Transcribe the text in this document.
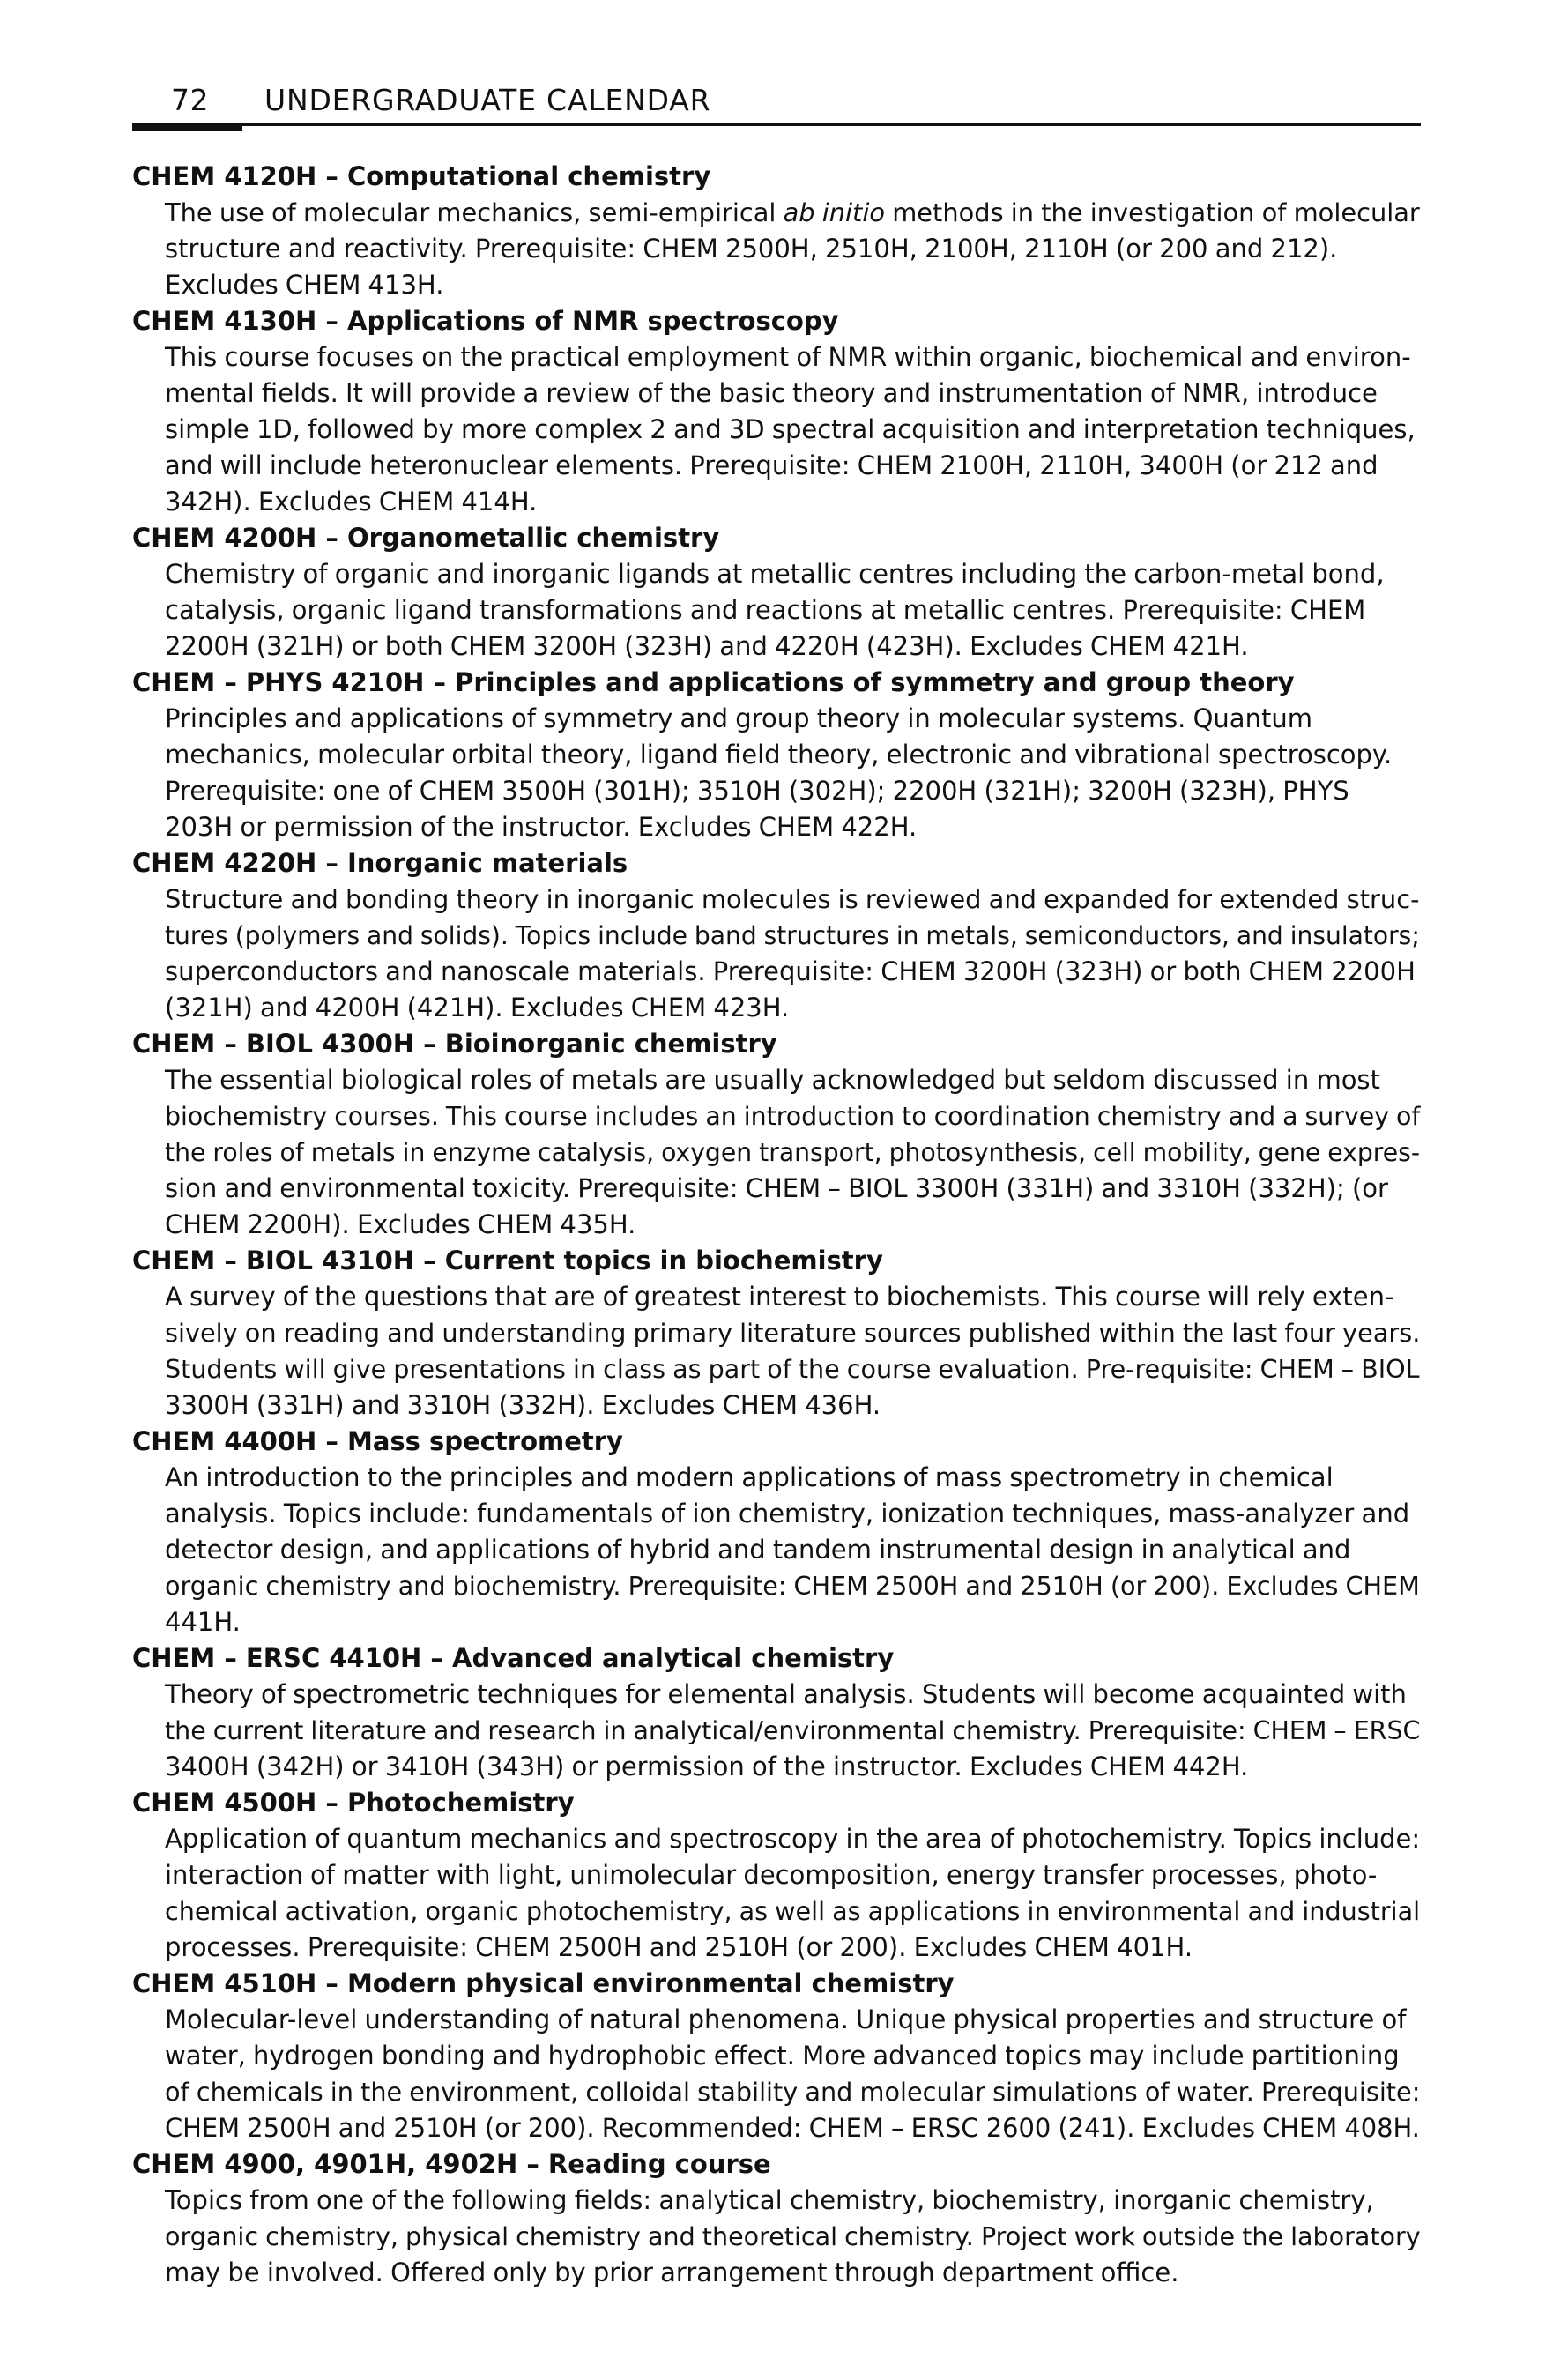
72 UNDERGRADUATE CALENDAR
CHEM 4120H – Computational chemistry
The use of molecular mechanics, semi-empirical ab initio methods in the investigation of molecular
structure and reactivity. Prerequisite: CHEM 2500H, 2510H, 2100H, 2110H (or 200 and 212).
Excludes CHEM 413H.
CHEM 4130H – Applications of NMR spectroscopy
This course focuses on the practical employment of NMR within organic, biochemical and environ-
mental fields. It will provide a review of the basic theory and instrumentation of NMR, introduce
simple 1D, followed by more complex 2 and 3D spectral acquisition and interpretation techniques,
and will include heteronuclear elements. Prerequisite: CHEM 2100H, 2110H, 3400H (or 212 and
342H). Excludes CHEM 414H.
CHEM 4200H – Organometallic chemistry
Chemistry of organic and inorganic ligands at metallic centres including the carbon-metal bond,
catalysis, organic ligand transformations and reactions at metallic centres. Prerequisite: CHEM
2200H (321H) or both CHEM 3200H (323H) and 4220H (423H). Excludes CHEM 421H.
CHEM – PHYS 4210H – Principles and applications of symmetry and group theory
Principles and applications of symmetry and group theory in molecular systems. Quantum
mechanics, molecular orbital theory, ligand field theory, electronic and vibrational spectroscopy.
Prerequisite: one of CHEM 3500H (301H); 3510H (302H); 2200H (321H); 3200H (323H), PHYS
203H or permission of the instructor. Excludes CHEM 422H.
CHEM 4220H – Inorganic materials
Structure and bonding theory in inorganic molecules is reviewed and expanded for extended struc-
tures (polymers and solids). Topics include band structures in metals, semiconductors, and insulators;
superconductors and nanoscale materials. Prerequisite: CHEM 3200H (323H) or both CHEM 2200H
(321H) and 4200H (421H). Excludes CHEM 423H.
CHEM – BIOL 4300H – Bioinorganic chemistry
The essential biological roles of metals are usually acknowledged but seldom discussed in most
biochemistry courses. This course includes an introduction to coordination chemistry and a survey of
the roles of metals in enzyme catalysis, oxygen transport, photosynthesis, cell mobility, gene expres-
sion and environmental toxicity. Prerequisite: CHEM – BIOL 3300H (331H) and 3310H (332H); (or
CHEM 2200H). Excludes CHEM 435H.
CHEM – BIOL 4310H – Current topics in biochemistry
A survey of the questions that are of greatest interest to biochemists. This course will rely exten-
sively on reading and understanding primary literature sources published within the last four years.
Students will give presentations in class as part of the course evaluation. Pre-requisite: CHEM – BIOL
3300H (331H) and 3310H (332H). Excludes CHEM 436H.
CHEM 4400H – Mass spectrometry
An introduction to the principles and modern applications of mass spectrometry in chemical
analysis. Topics include: fundamentals of ion chemistry, ionization techniques, mass-analyzer and
detector design, and applications of hybrid and tandem instrumental design in analytical and
organic chemistry and biochemistry. Prerequisite: CHEM 2500H and 2510H (or 200). Excludes CHEM
441H.
CHEM – ERSC 4410H – Advanced analytical chemistry
Theory of spectrometric techniques for elemental analysis. Students will become acquainted with
the current literature and research in analytical/environmental chemistry. Prerequisite: CHEM – ERSC
3400H (342H) or 3410H (343H) or permission of the instructor. Excludes CHEM 442H.
CHEM 4500H – Photochemistry
Application of quantum mechanics and spectroscopy in the area of photochemistry. Topics include:
interaction of matter with light, unimolecular decomposition, energy transfer processes, photo-
chemical activation, organic photochemistry, as well as applications in environmental and industrial
processes. Prerequisite: CHEM 2500H and 2510H (or 200). Excludes CHEM 401H.
CHEM 4510H – Modern physical environmental chemistry
Molecular-level understanding of natural phenomena. Unique physical properties and structure of
water, hydrogen bonding and hydrophobic effect. More advanced topics may include partitioning
of chemicals in the environment, colloidal stability and molecular simulations of water. Prerequisite:
CHEM 2500H and 2510H (or 200). Recommended: CHEM – ERSC 2600 (241). Excludes CHEM 408H.
CHEM 4900, 4901H, 4902H – Reading course
Topics from one of the following fields: analytical chemistry, biochemistry, inorganic chemistry,
organic chemistry, physical chemistry and theoretical chemistry. Project work outside the laboratory
may be involved. Offered only by prior arrangement through department office.
